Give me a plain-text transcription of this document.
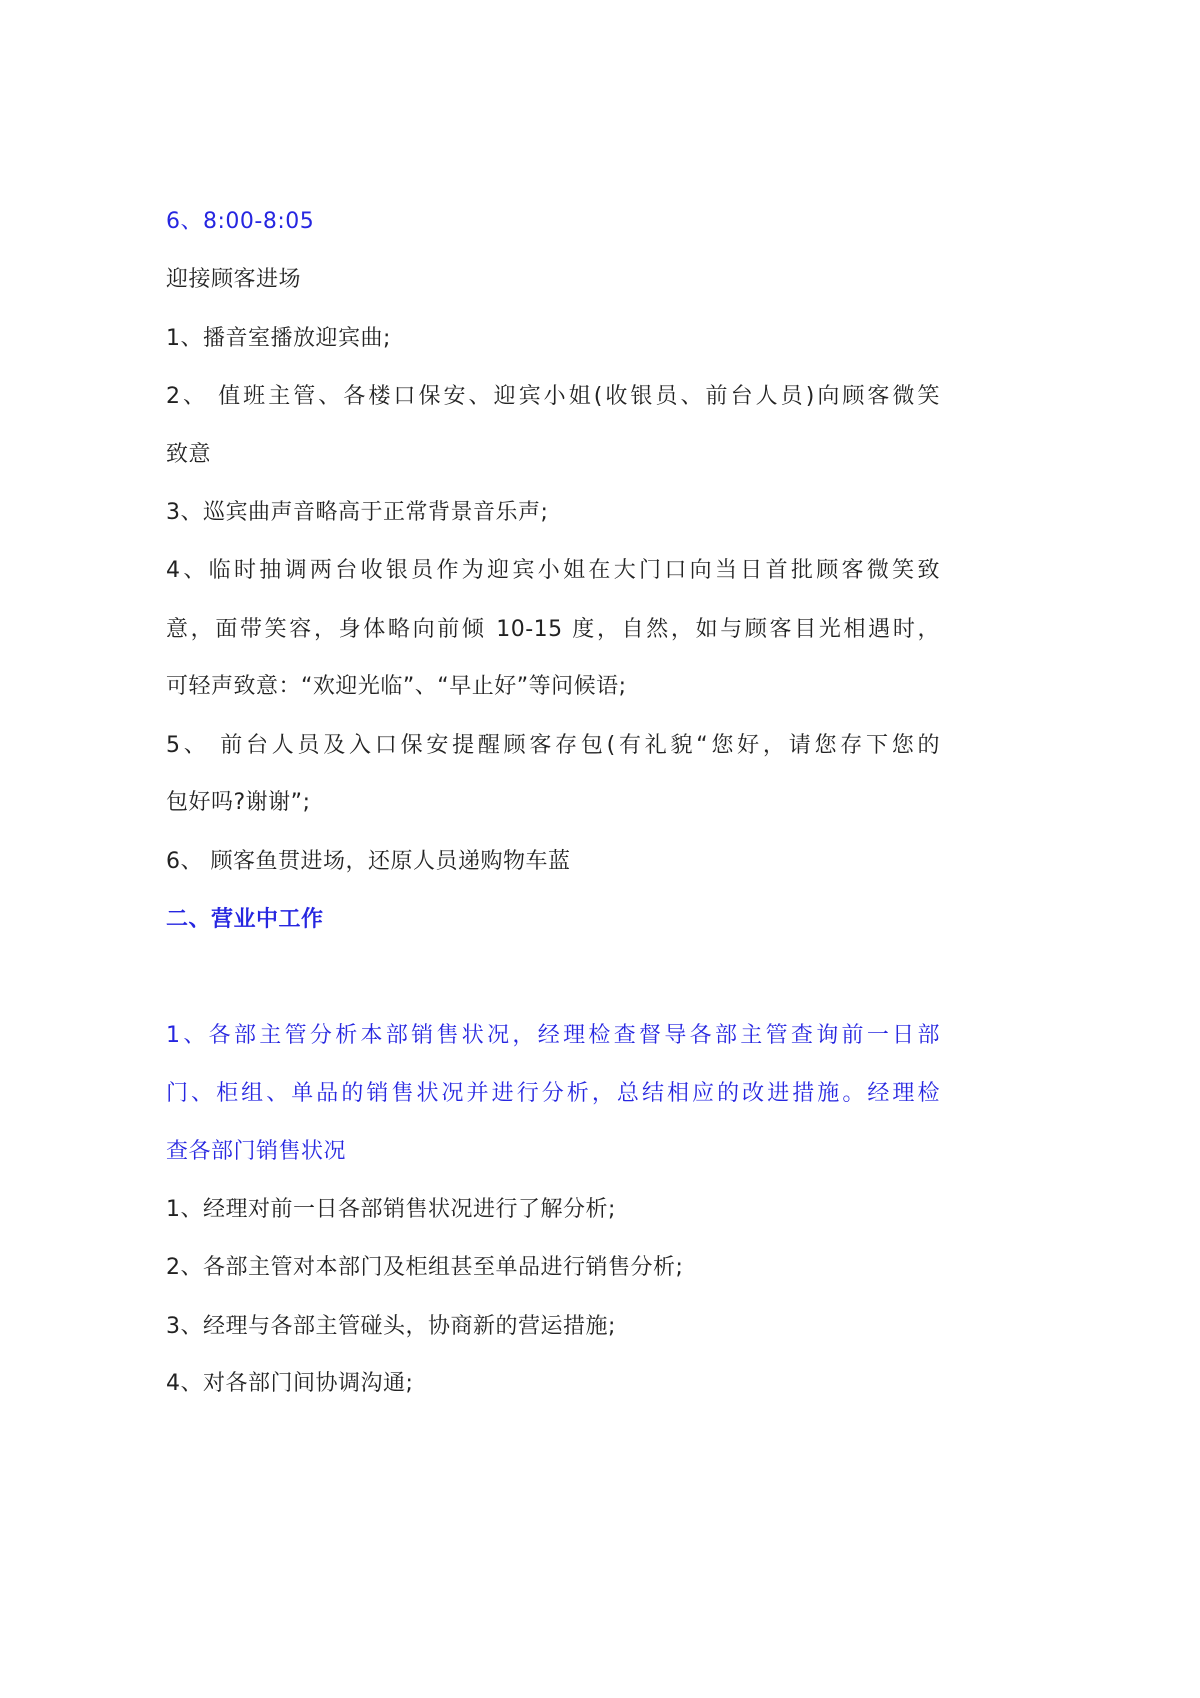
6、8:00-8:05
迎接顾客进场
1、播音室播放迎宾曲;
2、 值班主管、各楼口保安、迎宾小姐(收银员、前台人员)向顾客微笑
致意
3、巡宾曲声音略高于正常背景音乐声;
4、临时抽调两台收银员作为迎宾小姐在大门口向当日首批顾客微笑致
意，面带笑容，身体略向前倾 10-15 度，自然，如与顾客目光相遇时，
可轻声致意：“欢迎光临”、“早止好”等问候语;
5、 前台人员及入口保安提醒顾客存包(有礼貌“您好，请您存下您的
包好吗?谢谢”;
6、 顾客鱼贯进场，还原人员递购物车蓝
二、营业中工作
1、各部主管分析本部销售状况，经理检查督导各部主管查询前一日部
门、柜组、单品的销售状况并进行分析，总结相应的改进措施。经理检
查各部门销售状况
1、经理对前一日各部销售状况进行了解分析;
2、各部主管对本部门及柜组甚至单品进行销售分析;
3、经理与各部主管碰头，协商新的营运措施;
4、对各部门间协调沟通;
